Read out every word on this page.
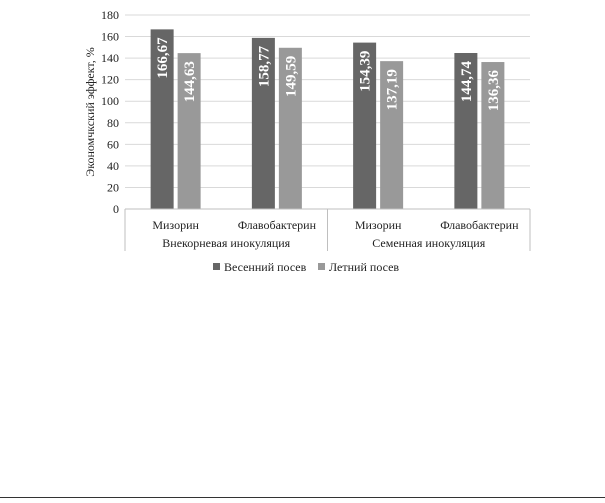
166,67
144,63	158,77 149,59	154,39 137,19	144,74 136,36
0
20
40
60
80
100
120
140
160
180
Мизорин	Флавобактерин	Мизорин	Флавобактерин
Внекорневая инокуляция	Семенная инокуляция
Экономчкский эффект, %
Весенний посев Летний посев
